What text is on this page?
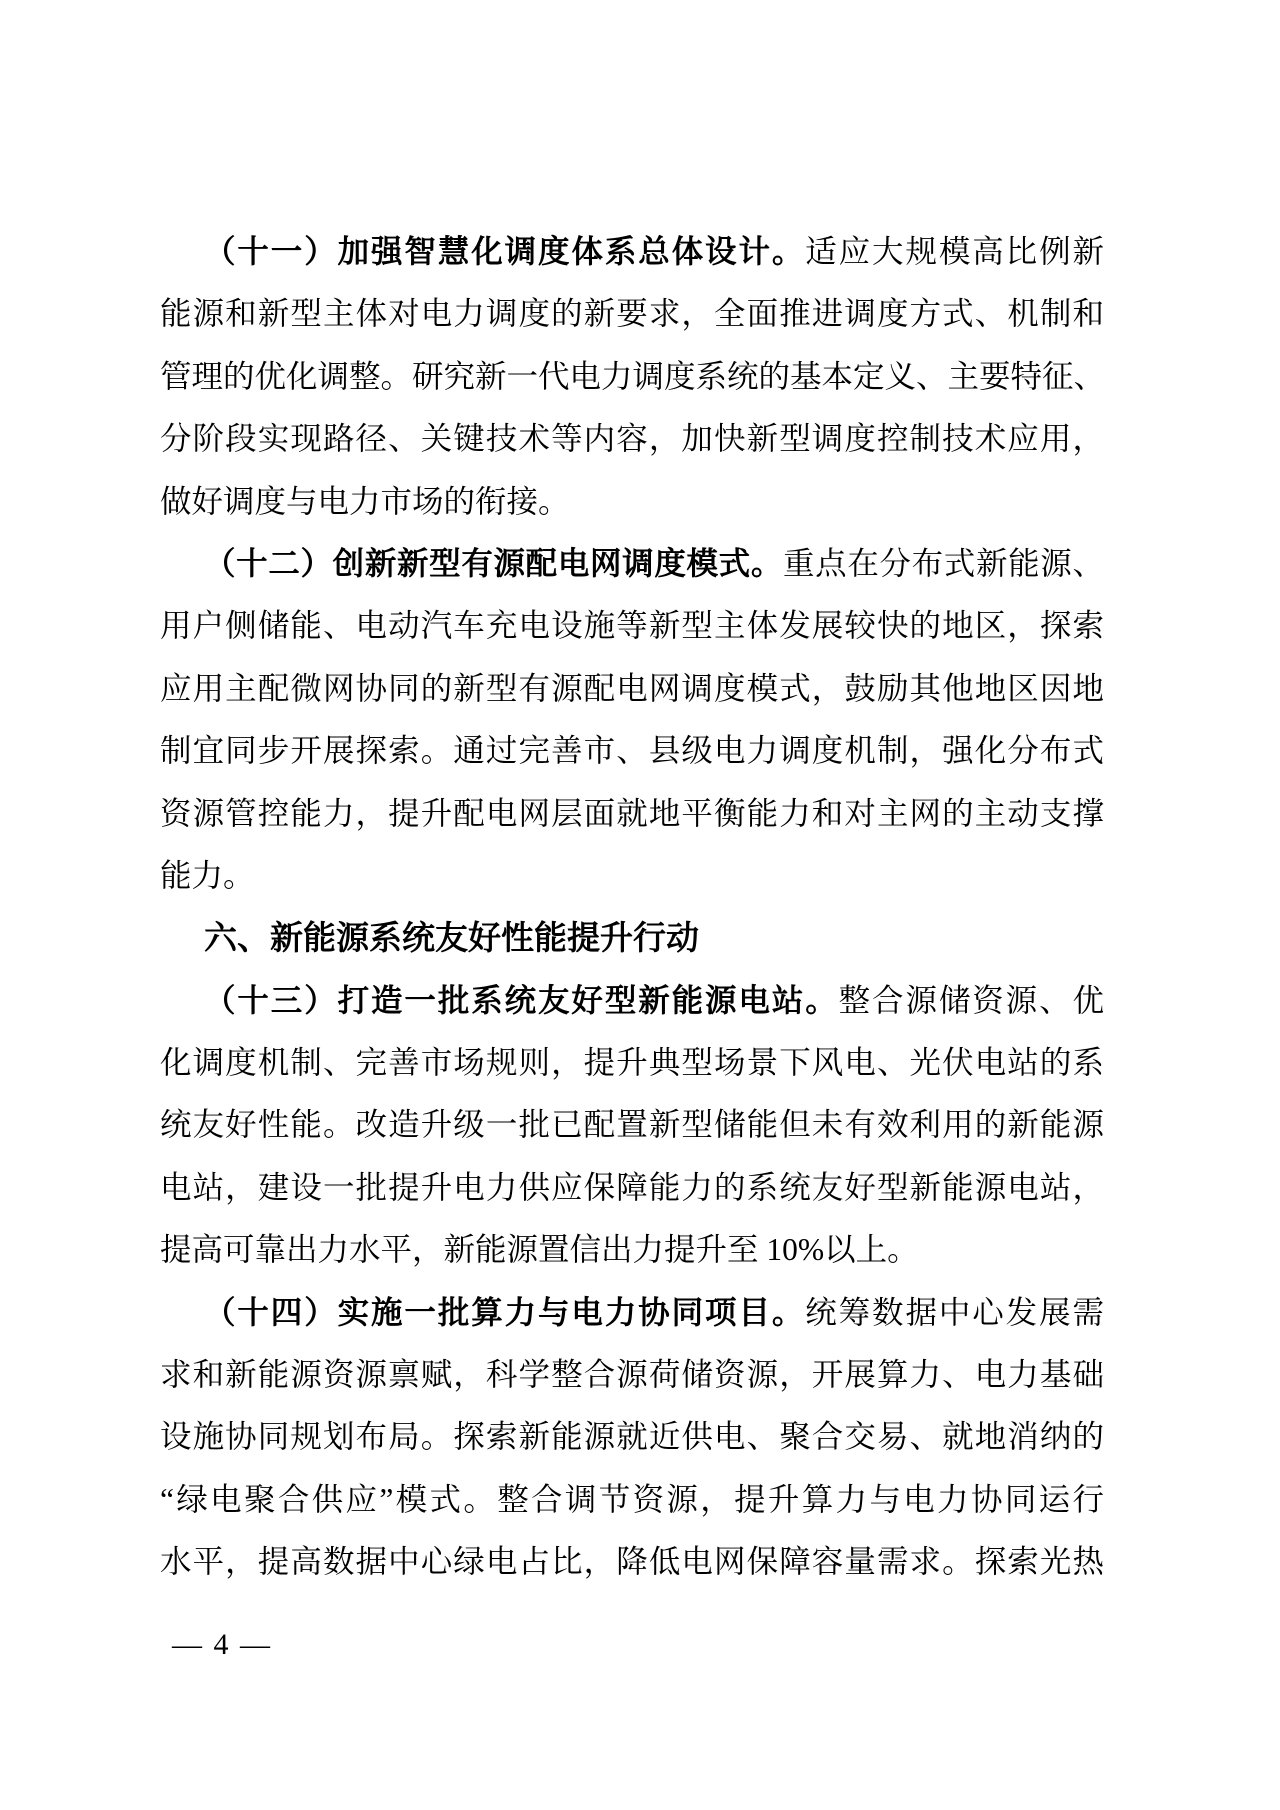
（十一）加强智慧化调度体系总体设计。适应大规模高比例新
能源和新型主体对电力调度的新要求，全面推进调度方式、机制和
管理的优化调整。研究新一代电力调度系统的基本定义、主要特征、
分阶段实现路径、关键技术等内容，加快新型调度控制技术应用，
做好调度与电力市场的衔接。
（十二）创新新型有源配电网调度模式。重点在分布式新能源、
用户侧储能、电动汽车充电设施等新型主体发展较快的地区，探索
应用主配微网协同的新型有源配电网调度模式，鼓励其他地区因地
制宜同步开展探索。通过完善市、县级电力调度机制，强化分布式
资源管控能力，提升配电网层面就地平衡能力和对主网的主动支撑
能力。
六、新能源系统友好性能提升行动
（十三）打造一批系统友好型新能源电站。整合源储资源、优
化调度机制、完善市场规则，提升典型场景下风电、光伏电站的系
统友好性能。改造升级一批已配置新型储能但未有效利用的新能源
电站，建设一批提升电力供应保障能力的系统友好型新能源电站，
提高可靠出力水平，新能源置信出力提升至 10%以上。
（十四）实施一批算力与电力协同项目。统筹数据中心发展需
求和新能源资源禀赋，科学整合源荷储资源，开展算力、电力基础
设施协同规划布局。探索新能源就近供电、聚合交易、就地消纳的
“绿电聚合供应”模式。整合调节资源，提升算力与电力协同运行
水平，提高数据中心绿电占比，降低电网保障容量需求。探索光热
— 4 —
